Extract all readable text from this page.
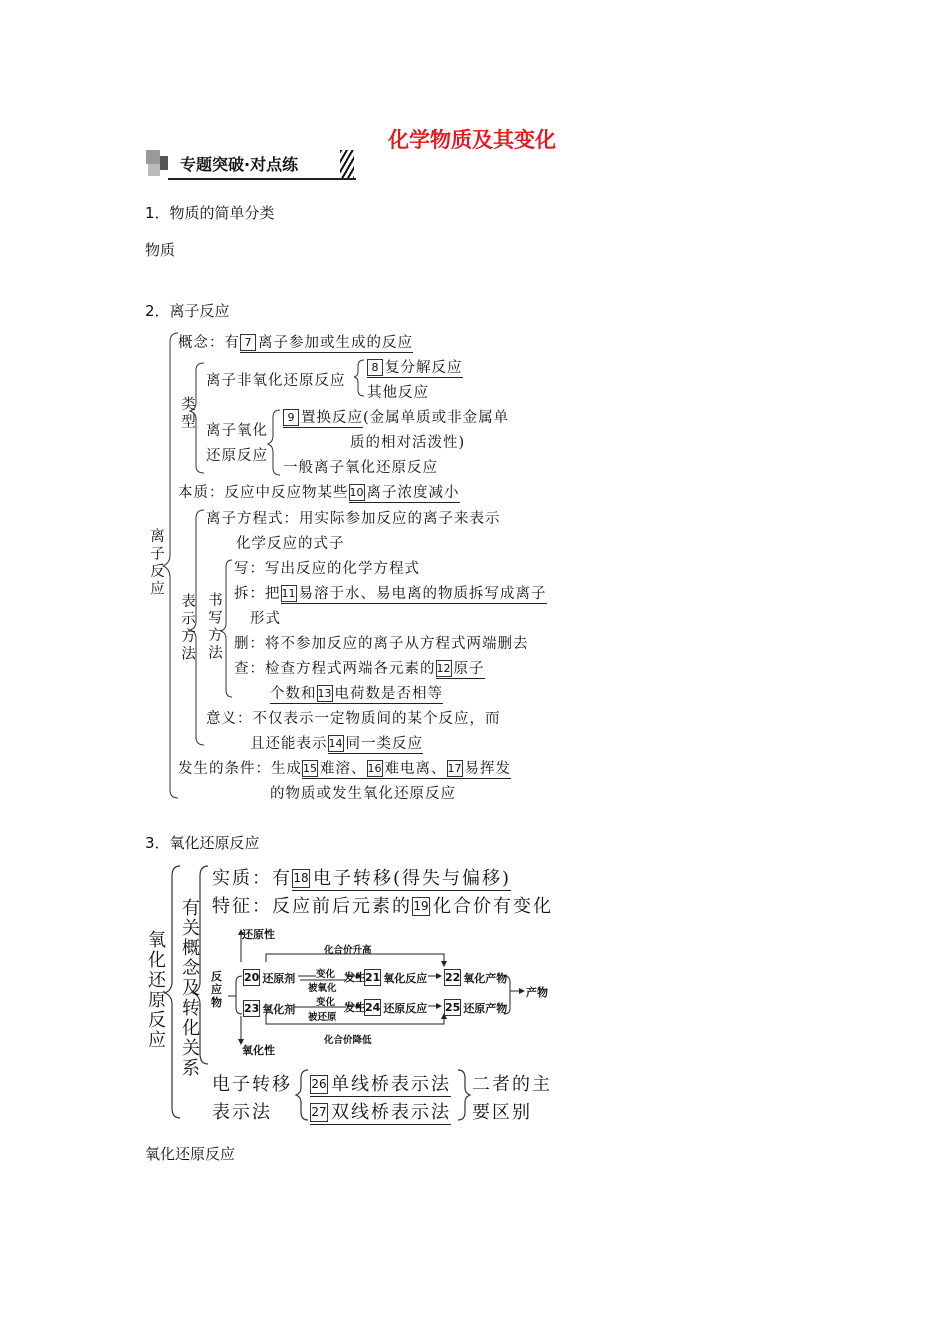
化学物质及其变化
专题突破·对点练
1．物质的简单分类
物质
2．离子反应
离子反应
概念：有 7 离子参加或生成的反应
类型
离子非氧化还原反应
8 复分解反应
其他反应
离子氧化
还原反应
9 置换反应(金属单质或非金属单
质的相对活泼性)
一般离子氧化还原反应
本质：反应中反应物某些10 离子浓度减小
表示方法
离子方程式：用实际参加反应的离子来表示
化学反应的式子
书写方法
写：写出反应的化学方程式
拆：把11 易溶于水、易电离的物质拆写成离子
形式
删：将不参加反应的离子从方程式两端删去
查：检查方程式两端各元素的12 原子
个数和13 电荷数是否相等
意义：不仅表示一定物质间的某个反应，而
且还能表示14 同一类反应
发生的条件：生成15 难溶、16 难电离、17 易挥发
的物质或发生氧化还原反应
3．氧化还原反应
氧化还原反应 有关概念及转化关系
实质：有18 电子转移(得失与偏移)
特征：反应前后元素的19 化合价有变化
还原性
化合价升高
反
应
物
20 还原剂 变化
被氧化
发生 21 氧化反应 22 氧化产物
产物
23 氧化剂
变化
被还原
发生 24 还原反应 25 还原产物
化合价降低
氧化性
电子转移
表示法
26 单线桥表示法
27 双线桥表示法
二者的主
要区别
氧化还原反应
